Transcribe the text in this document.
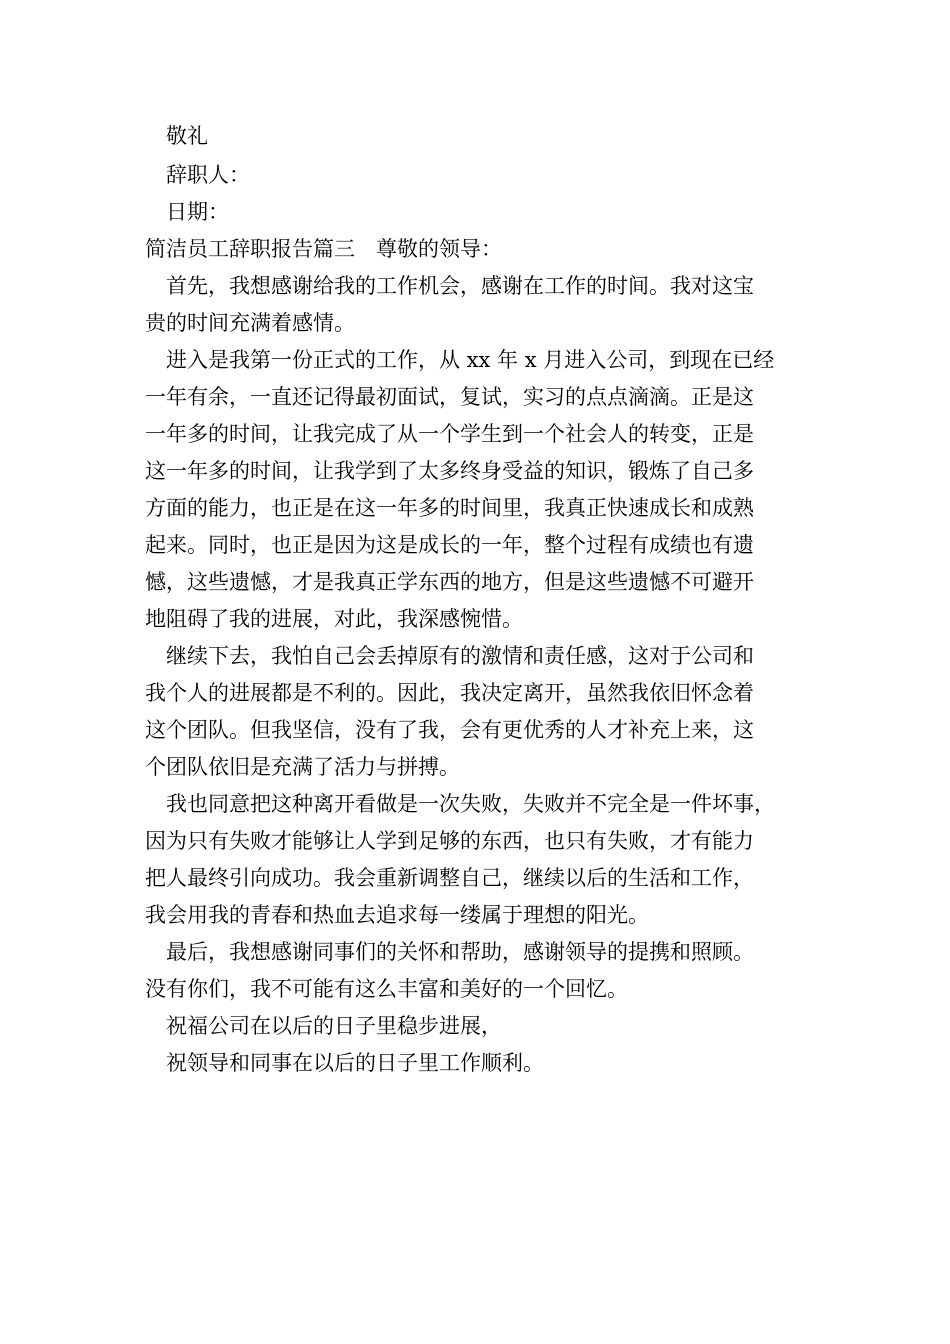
敬礼
辞职人：
日期：
简洁员工辞职报告篇三　尊敬的领导：
首先，我想感谢给我的工作机会，感谢在工作的时间。我对这宝
贵的时间充满着感情。
进入是我第一份正式的工作，从 xx 年 x 月进入公司，到现在已经
一年有余，一直还记得最初面试，复试，实习的点点滴滴。正是这
一年多的时间，让我完成了从一个学生到一个社会人的转变，正是
这一年多的时间，让我学到了太多终身受益的知识，锻炼了自己多
方面的能力，也正是在这一年多的时间里，我真正快速成长和成熟
起来。同时，也正是因为这是成长的一年，整个过程有成绩也有遗
憾，这些遗憾，才是我真正学东西的地方，但是这些遗憾不可避开
地阻碍了我的进展，对此，我深感惋惜。
继续下去，我怕自己会丢掉原有的激情和责任感，这对于公司和
我个人的进展都是不利的。因此，我决定离开，虽然我依旧怀念着
这个团队。但我坚信，没有了我，会有更优秀的人才补充上来，这
个团队依旧是充满了活力与拼搏。
我也同意把这种离开看做是一次失败，失败并不完全是一件坏事，
因为只有失败才能够让人学到足够的东西，也只有失败，才有能力
把人最终引向成功。我会重新调整自己，继续以后的生活和工作，
我会用我的青春和热血去追求每一缕属于理想的阳光。
最后，我想感谢同事们的关怀和帮助，感谢领导的提携和照顾。
没有你们，我不可能有这么丰富和美好的一个回忆。
祝福公司在以后的日子里稳步进展，
祝领导和同事在以后的日子里工作顺利。
